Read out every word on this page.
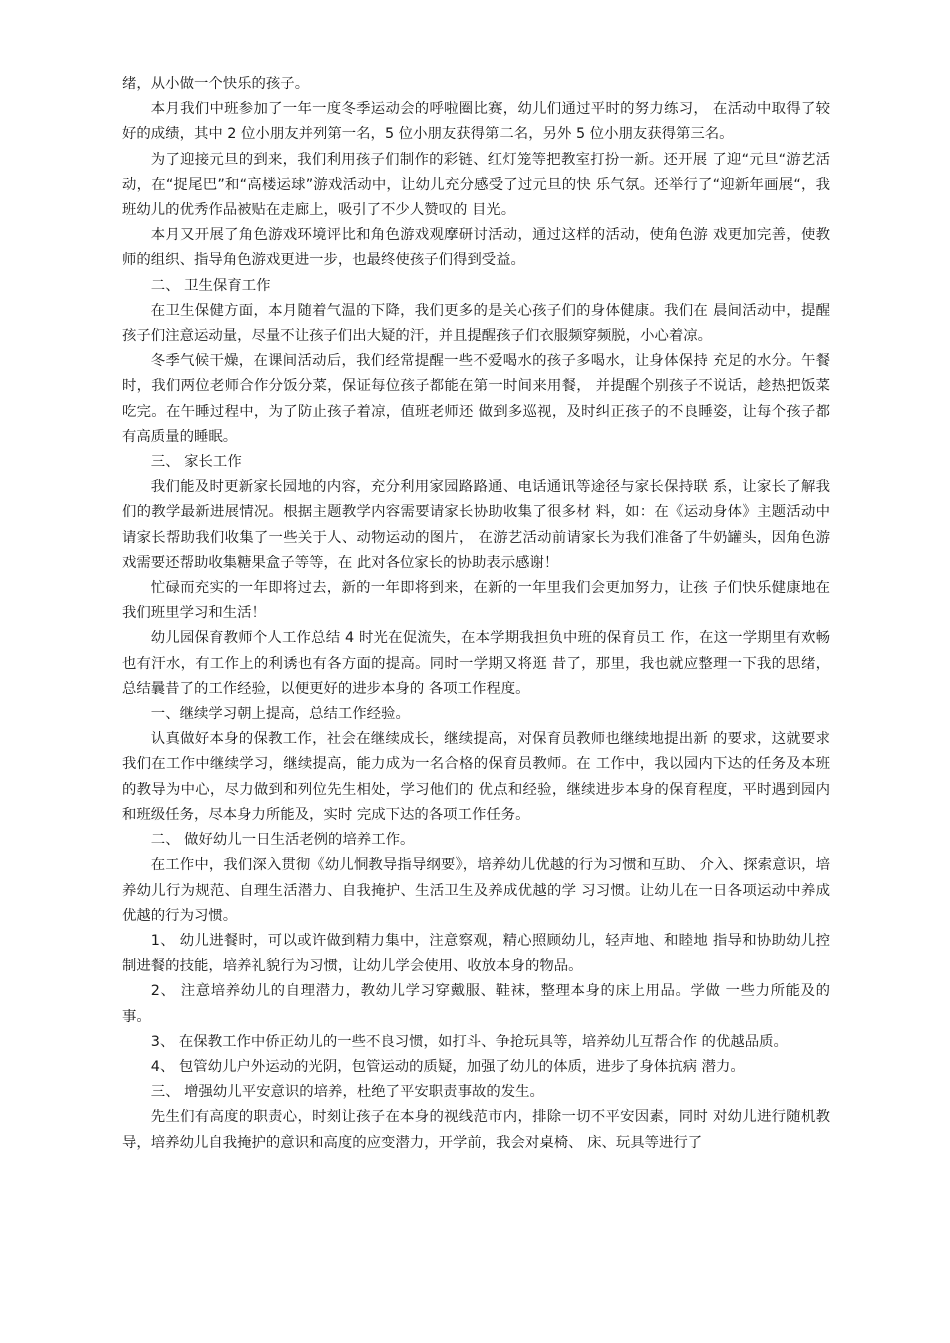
绪，从小做一个快乐的孩子。

本月我们中班参加了一年一度冬季运动会的呼啦圈比赛，幼儿们通过平时的努力练习， 在活动中取得了较好的成绩，其中 2 位小朋友并列第一名，5 位小朋友获得第二名，另外 5 位小朋友获得第三名。

为了迎接元旦的到来，我们利用孩子们制作的彩链、红灯笼等把教室打扮一新。还开展 了迎“元旦“游艺活动，在“捉尾巴”和“高楼运球”游戏活动中，让幼儿充分感受了过元旦的快 乐气氛。还举行了“迎新年画展“，我班幼儿的优秀作品被贴在走廊上，吸引了不少人赞叹的 目光。

本月又开展了角色游戏环境评比和角色游戏观摩研讨活动，通过这样的活动，使角色游 戏更加完善，使教师的组织、指导角色游戏更进一步，也最终使孩子们得到受益。

二、 卫生保育工作

在卫生保健方面，本月随着气温的下降，我们更多的是关心孩子们的身体健康。我们在 晨间活动中，提醒孩子们注意运动量，尽量不让孩子们出大疑的汗，并且提醒孩子们衣服频穿频脱，小心着凉。

冬季气候干燥，在课间活动后，我们经常提醒一些不爱喝水的孩子多喝水，让身体保持 充足的水分。午餐时，我们两位老师合作分饭分菜，保证每位孩子都能在第一时间来用餐， 并提醒个别孩子不说话，趁热把饭菜吃完。在午睡过程中，为了防止孩子着凉，值班老师还 做到多巡视，及时纠正孩子的不良睡姿，让每个孩子都有高质量的睡眠。

三、 家长工作

我们能及时更新家长园地的内容，充分利用家园路路通、电话通讯等途径与家长保持联 系，让家长了解我们的教学最新进展情况。根据主题教学内容需要请家长协助收集了很多材 料，如：在《运动身体》主题活动中请家长帮助我们收集了一些关于人、动物运动的图片， 在游艺活动前请家长为我们准备了牛奶罐头，因角色游戏需要还帮助收集糖果盒子等等，在 此对各位家长的协助表示感谢！

忙碌而充实的一年即将过去，新的一年即将到来，在新的一年里我们会更加努力，让孩 子们快乐健康地在我们班里学习和生活！

幼儿园保育教师个人工作总结 4 时光在促流失，在本学期我担负中班的保育员工 作，在这一学期里有欢畅也有汗水，有工作上的利诱也有各方面的提高。同时一学期又将逛 昔了，那里，我也就应整理一下我的思绪，总结曩昔了的工作经验，以便更好的进步本身的 各项工作程度。

一、继续学习朝上提高，总结工作经验。

认真做好本身的保教工作，社会在继续成长，继续提高，对保育员教师也继续地提出新 的要求，这就要求我们在工作中继续学习，继续提高，能力成为一名合格的保育员教师。在 工作中，我以园内下达的任务及本班的教导为中心，尽力做到和列位先生相处，学习他们的 优点和经验，继续进步本身的保育程度，平时遇到园内和班级任务，尽本身力所能及，实时 完成下达的各项工作任务。

二、 做好幼儿一日生活老例的培养工作。

在工作中，我们深入贯彻《幼儿恫教导指导纲要》，培养幼儿优越的行为习惯和互助、 介入、探索意识，培养幼儿行为规范、自理生活潜力、自我掩护、生活卫生及养成优越的学 习习惯。让幼儿在一日各项运动中养成优越的行为习惯。

1、 幼儿进餐时，可以或许做到精力集中，注意察观，精心照顾幼儿，轻声地、和睦地 指导和协助幼儿控制进餐的技能，培养礼貌行为习惯，让幼儿学会使用、收放本身的物品。

2、 注意培养幼儿的自理潜力，教幼儿学习穿戴服、鞋袜，整理本身的床上用品。学做 一些力所能及的事。

3、 在保教工作中侨正幼儿的一些不良习惯，如打斗、争抢玩具等，培养幼儿互帮合作 的优越品质。

4、 包管幼儿户外运动的光阴，包管运动的质疑，加强了幼儿的体质，进步了身体抗病 潜力。

三、 增强幼儿平安意识的培养，杜绝了平安职责事故的发生。

先生们有高度的职责心，时刻让孩子在本身的视线范市内，排除一切不平安因素，同时 对幼儿进行随机教导，培养幼儿自我掩护的意识和高度的应变潜力，开学前，我会对桌椅、 床、玩具等进行了
